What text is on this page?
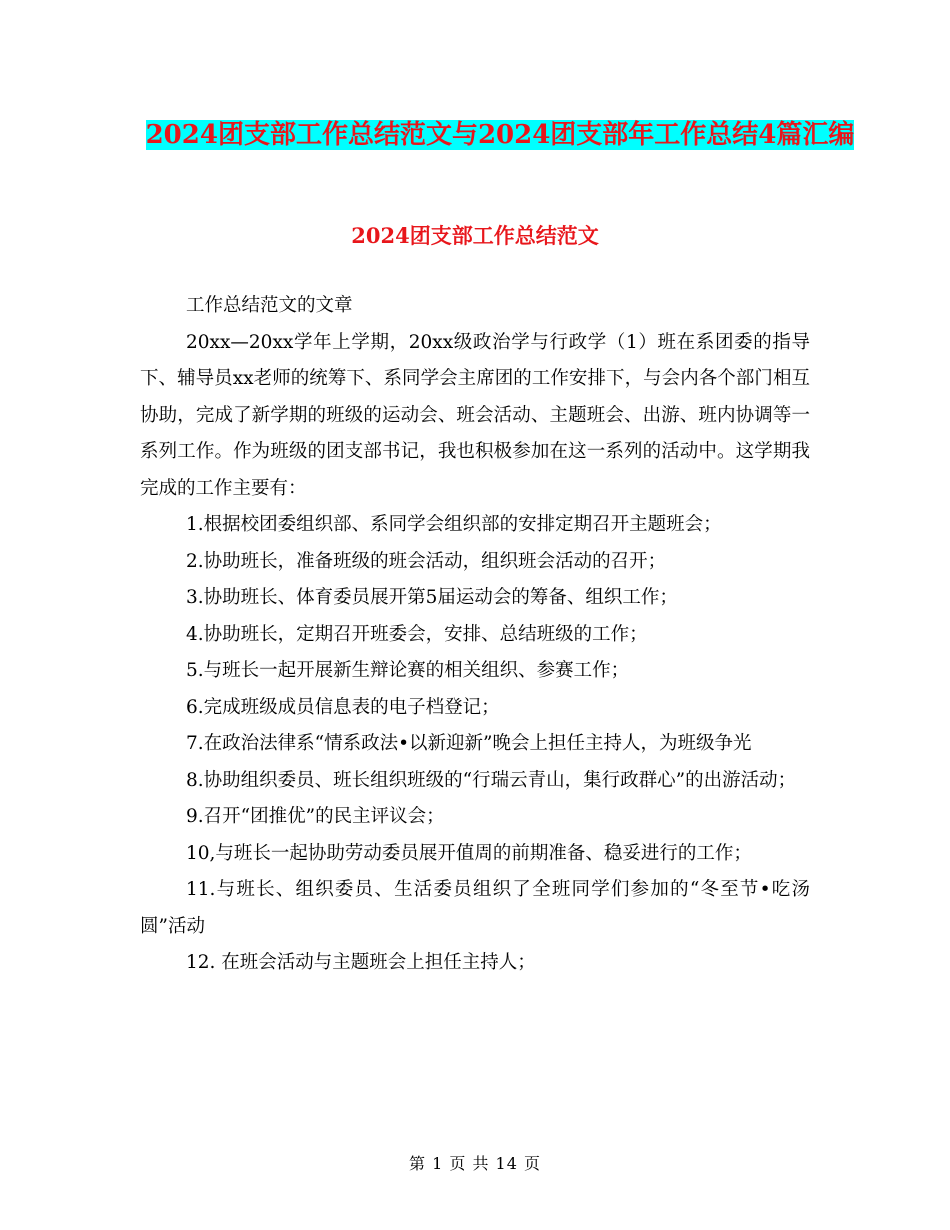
2024团支部工作总结范文与2024团支部年工作总结4篇汇编
2024团支部工作总结范文

工作总结范文的文章

20xx—20xx学年上学期，20xx级政治学与行政学（1）班在系团委的指导下、辅导员xx老师的统筹下、系同学会主席团的工作安排下，与会内各个部门相互协助，完成了新学期的班级的运动会、班会活动、主题班会、出游、班内协调等一系列工作。作为班级的团支部书记，我也积极参加在这一系列的活动中。这学期我完成的工作主要有：

1.根据校团委组织部、系同学会组织部的安排定期召开主题班会；

2.协助班长，准备班级的班会活动，组织班会活动的召开；

3.协助班长、体育委员展开第5届运动会的筹备、组织工作；

4.协助班长，定期召开班委会，安排、总结班级的工作；

5.与班长一起开展新生辩论赛的相关组织、参赛工作；

6.完成班级成员信息表的电子档登记；

7.在政治法律系“情系政法•以新迎新”晚会上担任主持人，为班级争光

8.协助组织委员、班长组织班级的“行瑞云青山，集行政群心”的出游活动；

9.召开“团推优”的民主评议会；

10,与班长一起协助劳动委员展开值周的前期准备、稳妥进行的工作；

11.与班长、组织委员、生活委员组织了全班同学们参加的“冬至节•吃汤圆”活动

12. 在班会活动与主题班会上担任主持人；

第 1 页 共 14 页
